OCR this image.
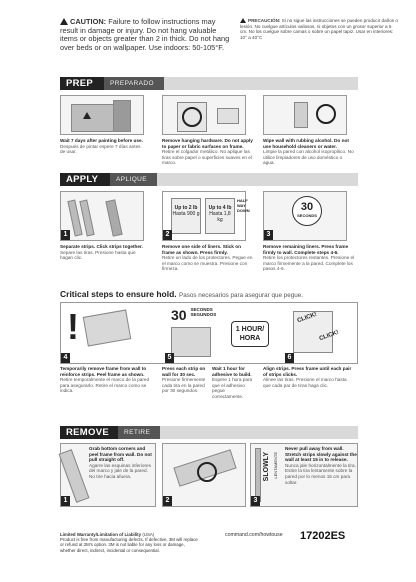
CAUTION: Failure to follow instructions may result in damage or injury. Do not hang valuable items or objects greater than 2 in thick. Do not hang over beds or on wallpaper. Use indoors: 50-105°F.
PRECAUCIÓN: Si no sigue las instrucciones se pueden producir daños o lesión. No cuelgue artículos valiosos, ni objetos con un grosor superior a 5 cm. No los cuelgue sobre camas o sobre un papel tapiz. Usar en interiores: 10° a 40°C
PREP	PREPARADO
Wait 7 days after painting before use.
Después de pintar espere 7 días antes de usar.
Remove hanging hardware. Do not apply to paper or fabric surfaces on frame.
Retire el colgador metálico. No aplique las tiras sobre papel o superficies suaves en el marco.
Wipe wall with rubbing alcohol. Do not use household cleaners or water.
Limpie la pared con alcohol isopropílico. No utilice limpiadores de uso doméstico o agua.
APPLY	APLIQUE
1
Up to 2 lb
Hasta 900 g
Up to 4 lb
Hasta 1,8 kg
HALF WAY DOWN
2
30
SECONDS
3
Separate strips. Click strips together.
Separe las tiras. Presione hasta que hagan clic.
Remove one side of liners. Stick on frame as shown. Press firmly.
Retire un lado de los protectores. Pegue en el marco como se muestra. Presione con firmeza.
Remove remaining liners. Press frame firmly to wall. Complete steps 4-6.
Retire los protectores restantes. Presione el marco firmemente a la pared. Complete los pasos 4-6.
Critical steps to ensure hold. Pasos necesarios para asegurar que pegue.
!
4
30 SECONDS
SEGUNDOS
5
1 HOUR/
HORA
CLICK!
CLICK!
6
Temporarily remove frame from wall to reinforce strips. Peel frame as shown.
Retire temporalmente el marco de la pared para asegurarlo. Retire el marco como se indica.
Press each strip on wall for 30 sec.
Presione firmemente cada tira en la pared por 30 segundos.
Wait 1 hour for adhesive to build.
Espere 1 hora para que el adhesivo pegue correctamente.
Align strips. Press frame until each pair of strips clicks.
Alinee las tiras. Presione el marco hasta que cada par de tiras haga clic.
REMOVE	RETIRE
Grab bottom corners and peel frame from wall. Do not pull straight off.
Agarre las esquinas inferiores del marco y jale de la pared. No tire hacia afuera.
1	2
SLOWLY LENTAMENTE
Never pull away from wall. Stretch strips slowly against the wall at least 15 in to release.
Nunca jale horizontalmente la tira. Estire la tira lentamente sobre la pared por lo menos 15 cm para soltar.
3
Limited Warranty/Limitation of Liability (USA)
Product is free from manufacturing defects. If defective, 3M will replace or refund at 3M's option. 3M is not liable for any loss or damage, whether direct, indirect, incidental or consequential.
command.com/howtouse 17202ES
